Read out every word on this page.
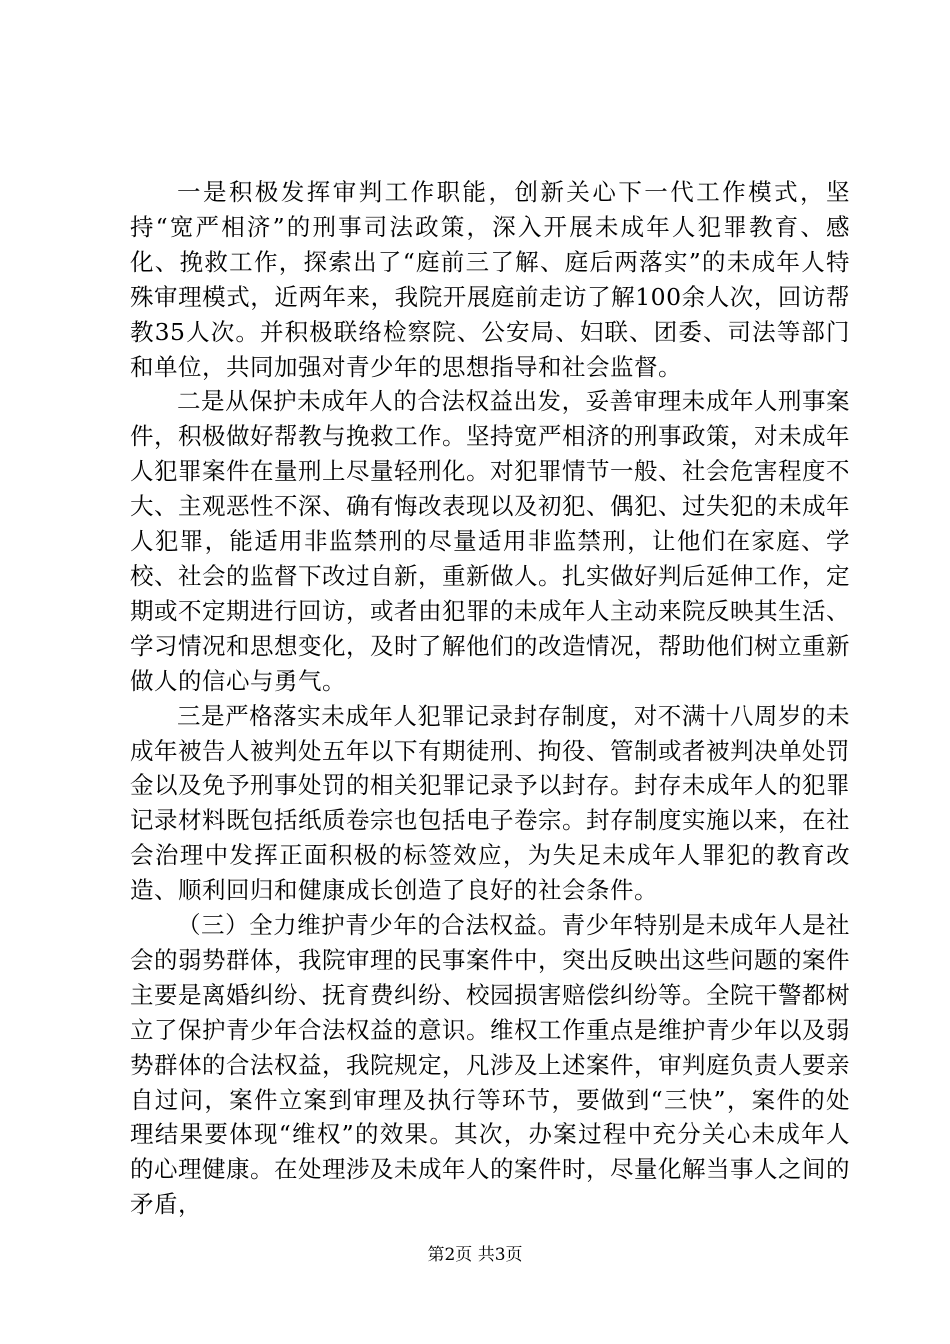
一是积极发挥审判工作职能，创新关心下一代工作模式，坚持“宽严相济”的刑事司法政策，深入开展未成年人犯罪教育、感化、挽救工作，探索出了“庭前三了解、庭后两落实”的未成年人特殊审理模式，近两年来，我院开展庭前走访了解100余人次，回访帮教35人次。并积极联络检察院、公安局、妇联、团委、司法等部门和单位，共同加强对青少年的思想指导和社会监督。

二是从保护未成年人的合法权益出发，妥善审理未成年人刑事案件，积极做好帮教与挽救工作。坚持宽严相济的刑事政策，对未成年人犯罪案件在量刑上尽量轻刑化。对犯罪情节一般、社会危害程度不大、主观恶性不深、确有悔改表现以及初犯、偶犯、过失犯的未成年人犯罪，能适用非监禁刑的尽量适用非监禁刑，让他们在家庭、学校、社会的监督下改过自新，重新做人。扎实做好判后延伸工作，定期或不定期进行回访，或者由犯罪的未成年人主动来院反映其生活、学习情况和思想变化，及时了解他们的改造情况，帮助他们树立重新做人的信心与勇气。

三是严格落实未成年人犯罪记录封存制度，对不满十八周岁的未成年被告人被判处五年以下有期徒刑、拘役、管制或者被判决单处罚金以及免予刑事处罚的相关犯罪记录予以封存。封存未成年人的犯罪记录材料既包括纸质卷宗也包括电子卷宗。封存制度实施以来，在社会治理中发挥正面积极的标签效应，为失足未成年人罪犯的教育改造、顺利回归和健康成长创造了良好的社会条件。

（三）全力维护青少年的合法权益。青少年特别是未成年人是社会的弱势群体，我院审理的民事案件中，突出反映出这些问题的案件主要是离婚纠纷、抚育费纠纷、校园损害赔偿纠纷等。全院干警都树立了保护青少年合法权益的意识。维权工作重点是维护青少年以及弱势群体的合法权益，我院规定，凡涉及上述案件，审判庭负责人要亲自过问，案件立案到审理及执行等环节，要做到“三快”，案件的处理结果要体现“维权”的效果。其次，办案过程中充分关心未成年人的心理健康。在处理涉及未成年人的案件时，尽量化解当事人之间的矛盾，

第2页 共3页
